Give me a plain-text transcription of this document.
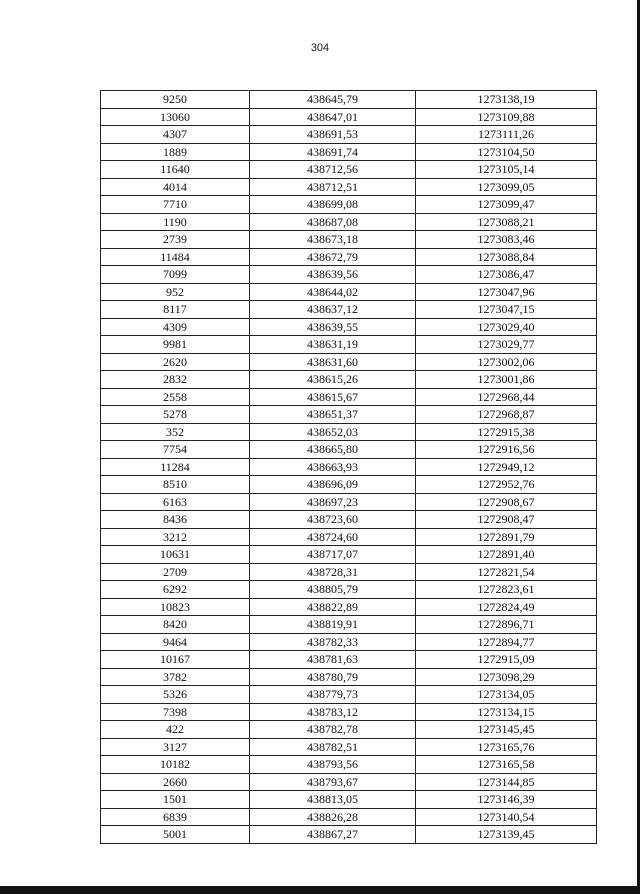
304
9250	438645,79	1273138,19
13060	438647,01	1273109,88
4307	438691,53	1273111,26
1889	438691,74	1273104,50
11640	438712,56	1273105,14
4014	438712,51	1273099,05
7710	438699,08	1273099,47
1190	438687,08	1273088,21
2739	438673,18	1273083,46
11484	438672,79	1273088,84
7099	438639,56	1273086,47
952	438644,02	1273047,96
8117	438637,12	1273047,15
4309	438639,55	1273029,40
9981	438631,19	1273029,77
2620	438631,60	1273002,06
2832	438615,26	1273001,86
2558	438615,67	1272968,44
5278	438651,37	1272968,87
352	438652,03	1272915,38
7754	438665,80	1272916,56
11284	438663,93	1272949,12
8510	438696,09	1272952,76
6163	438697,23	1272908,67
8436	438723,60	1272908,47
3212	438724,60	1272891,79
10631	438717,07	1272891,40
2709	438728,31	1272821,54
6292	438805,79	1272823,61
10823	438822,89	1272824,49
8420	438819,91	1272896,71
9464	438782,33	1272894,77
10167	438781,63	1272915,09
3782	438780,79	1273098,29
5326	438779,73	1273134,05
7398	438783,12	1273134,15
422	438782,78	1273145,45
3127	438782,51	1273165,76
10182	438793,56	1273165,58
2660	438793,67	1273144,85
1501	438813,05	1273146,39
6839	438826,28	1273140,54
5001	438867,27	1273139,45
